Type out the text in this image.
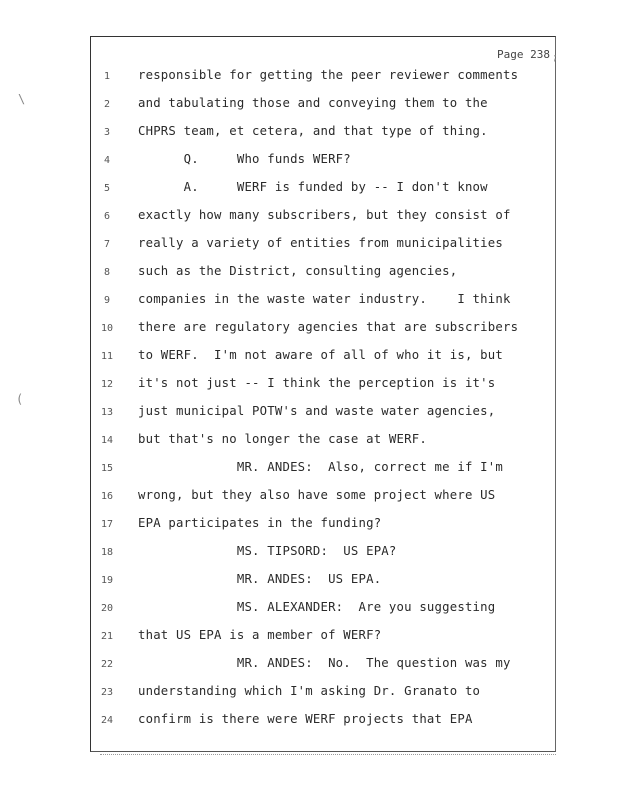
Page 238
\
(
;
1	responsible for getting the peer reviewer comments
2	and tabulating those and conveying them to the
3	CHPRS team, et cetera, and that type of thing.
4	Q.     Who funds WERF?
5	A.     WERF is funded by -- I don't know
6	exactly how many subscribers, but they consist of
7	really a variety of entities from municipalities
8	such as the District, consulting agencies,
9	companies in the waste water industry.    I think
10	there are regulatory agencies that are subscribers
11	to WERF.  I'm not aware of all of who it is, but
12	it's not just -- I think the perception is it's
13	just municipal POTW's and waste water agencies,
14	but that's no longer the case at WERF.
15	MR. ANDES:  Also, correct me if I'm
16	wrong, but they also have some project where US
17	EPA participates in the funding?
18	MS. TIPSORD:  US EPA?
19	MR. ANDES:  US EPA.
20	MS. ALEXANDER:  Are you suggesting
21	that US EPA is a member of WERF?
22	MR. ANDES:  No.  The question was my
23	understanding which I'm asking Dr. Granato to
24	confirm is there were WERF projects that EPA
